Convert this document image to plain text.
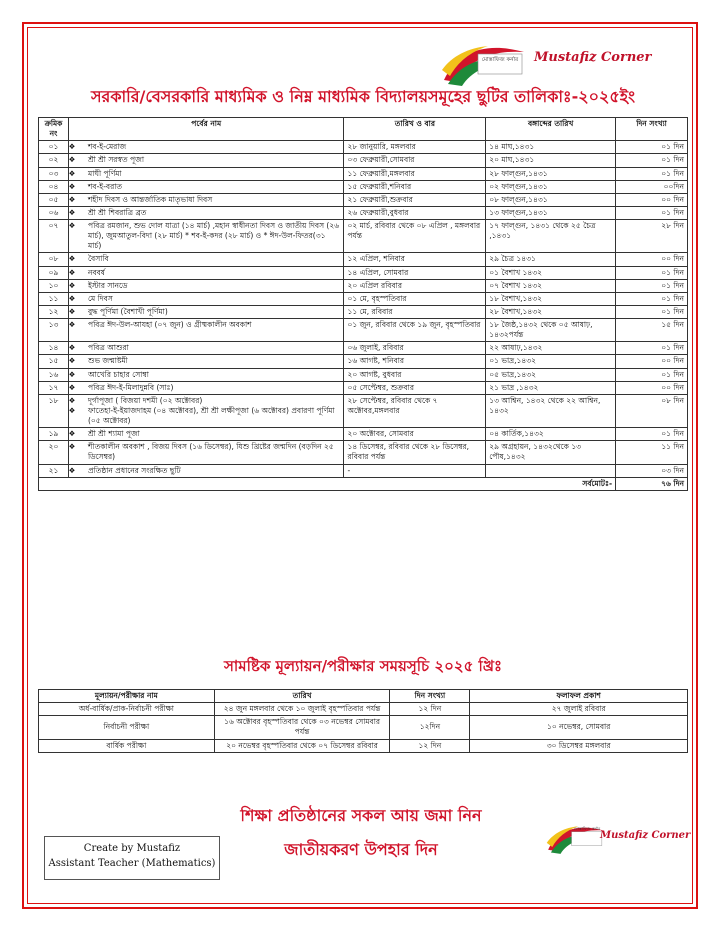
মোস্তাফিজ কর্নার Mustafiz Corner
সরকারি/বেসরকারি মাধ্যমিক ও নিম্ন মাধ্যমিক বিদ্যালয়সমূহের ছুটির তালিকাঃ-২০২৫ইং
ক্রমিক নং	পর্বের নাম	তারিখ ও বার	বঙ্গাব্দের তারিখ	দিন সংখ্যা
০১	❖ শব-ই-মেরাজ	২৮ জানুয়ারি, মঙ্গলবার	১৪ মাঘ,১৪৩১	০১ দিন
০২	❖ শ্রী শ্রী সরস্বত পূজা	০৩ ফেব্রুয়ারী,সোমবার	২০ মাঘ,১৪৩১	০১ দিন
০৩	❖ মাঘী পূর্ণিমা	১১ ফেব্রুয়ারী,মঙ্গলবার	২৮ ফাল্গুন,১৪৩১	০১ দিন
০৪	❖ শব-ই-বরাত	১৫ ফেব্রুয়ারী,শনিবার	০২ ফাল্গুন,১৪৩১	০০দিন
০৫	❖ শহীদ দিবস ও আন্তর্জাতিক মাতৃভাষা দিবস	২১ ফেব্রুয়ারী,শুক্রবার	০৮ ফাল্গুন,১৪৩১	০০ দিন
০৬	❖ শ্রী শ্রী শিবরাত্রি ব্রত	২৬ ফেব্রুয়ারী,বুধবার	১৩ ফাল্গুন,১৪৩১	০১ দিন
০৭	❖ পবিত্র রমজান, শুভ দোল যাত্রা (১৪ মার্চ) ,মহান স্বাধীনতা দিবস ও জাতীয় দিবস (২৬ মার্চ), জুমআতুল-বিদা (২৮ মার্চ) * শব-ই-কদর (২৮ মার্চ) ও * ঈদ-উল-ফিতর(৩১ মার্চ)	০২ মার্চ, রবিবার থেকে ০৮ এপ্রিল , মঙ্গলবার পর্যন্ত	১৭ ফাল্গুন, ১৪৩১ থেকে ২৫ চৈত্র ,১৪৩১	২৮ দিন
০৮	❖ বৈসাবি	১২ এপ্রিল, শনিবার	২৯ চৈত্র ১৪৩১	০০ দিন
০৯	❖ নববর্ষ	১৪ এপ্রিল, সোমবার	০১ বৈশাখ ১৪৩২	০১ দিন
১০	❖ ইস্টার সানডে	২০ এপ্রিল রবিবার	০৭ বৈশাখ ১৪৩২	০১ দিন
১১	❖ মে দিবস	০১ মে, বৃহস্পতিবার	১৮ বৈশাখ,১৪৩২	০১ দিন
১২	❖ বুদ্ধ পূর্ণিমা (বৈশাখী পূর্ণিমা)	১১ মে, রবিবার	২৮ বৈশাখ,১৪৩২	০১ দিন
১৩	❖ পবিত্র ঈদ-উল-আযহা (০৭ জুন) ও গ্রীষ্মকালীন অবকাশ	০১ জুন, রবিবার থেকে ১৯ জুন, বৃহস্পতিবার	১৮ জৈষ্ঠ,১৪৩২ থেকে ০৫ আষাঢ়, ১৪৩২পর্যন্ত	১৫ দিন
১৪	❖ পবিত্র আশুরা	০৬ জুলাই, রবিবার	২২ আষাঢ়,১৪৩২	০১ দিন
১৫	❖ শুভ জন্মাষ্টমী	১৬ আগষ্ট, শনিবার	০১ ভাদ্র,১৪৩২	০০ দিন
১৬	❖ আখেরি চাহার সোম্বা	২০ আগষ্ট, বুধবার	০৫ ভাদ্র,১৪৩২	০১ দিন
১৭	❖ পবিত্র ঈদ-ই-মিলাদুন্নবি (সাঃ)	০৫ সেপ্টেম্বর, শুক্রবার	২১ ভাদ্র ,১৪৩২	০০ দিন
১৮	❖ দূর্গাপূজা ( বিজয়া দশমী (০২ অক্টোবর)
❖ ফাতেহা-ই-ইয়াজদাহম (০৪ অক্টোবর), শ্রী শ্রী লক্ষীপূজা (৬ অক্টোবর) প্রবারণা পূর্ণিমা (০৫ অক্টোবর)	২৮ সেপ্টেম্বর, রবিবার থেকে ৭ অক্টোবর,মঙ্গলবার	১৩ আশ্বিন, ১৪৩২ থেকে ২২ আশ্বিন, ১৪৩২	০৮ দিন
১৯	❖ শ্রী শ্রী শ্যামা পূজা	২০ অক্টোবর, সোমবার	০৪ কার্তিক,১৪৩২	০১ দিন
২০	❖ শীতকালীন অবকাশ , বিজয় দিবস (১৬ ডিসেম্বর), যিশু খ্রিষ্টের জন্মদিন (বড়দিন ২৫ ডিসেম্বর)	১৪ ডিসেম্বর, রবিবার থেকে ২৮ ডিসেম্বর, রবিবার পর্যন্ত	২৯ অগ্রহায়ন, ১৪৩২থেকে ১৩ পৌষ,১৪৩২	১১ দিন
২১	❖ প্রতিষ্ঠান প্রধানের সংরক্ষিত ছুটি	-		০৩ দিন
সর্বমোটঃ-				৭৬ দিন
সামষ্টিক মূল্যায়ন/পরীক্ষার সময়সূচি ২০২৫ খ্রিঃ
মূল্যায়ন/পরীক্ষার নাম	তারিখ	দিন সংখ্যা	ফলাফল প্রকাশ
অর্ধ-বার্ষিক/প্রাক-নির্বাচনী পরীক্ষা	২৪ জুন মঙ্গলবার থেকে ১০ জুলাই বৃহস্পতিবার পর্যন্ত	১২ দিন	২৭ জুলাই রবিবার
নির্বাচনী পরীক্ষা	১৬ অক্টোবর বৃহস্পতিবার থেকে ০৩ নভেম্বর সোমবার পর্যন্ত	১২দিন	১০ নভেম্বর, সোমবার
বার্ষিক পরীক্ষা	২০ নভেম্বর বৃহস্পতিবার থেকে ০৭ ডিসেম্বর রবিবার	১২ দিন	৩০ ডিসেম্বর মঙ্গলবার
শিক্ষা প্রতিষ্ঠানের সকল আয় জমা নিন
জাতীয়করণ উপহার দিন
Create by Mustafiz
Assistant Teacher (Mathematics)
মোস্তাফিজ কর্নার
Mustafiz Corner
